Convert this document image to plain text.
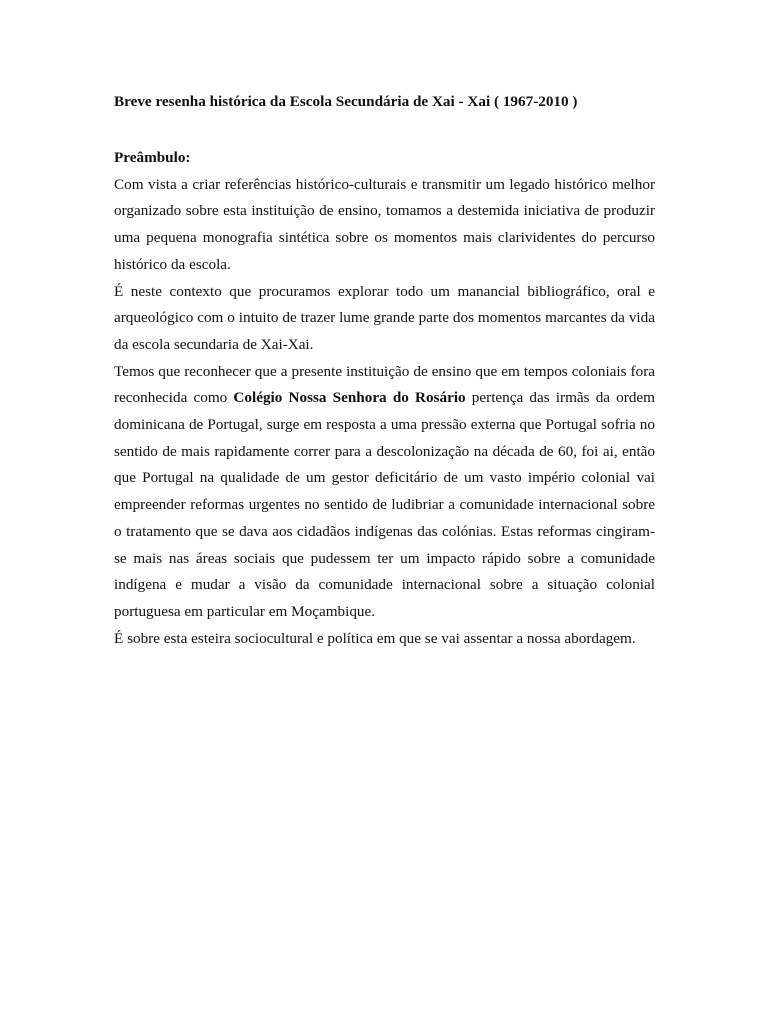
Breve resenha histórica da Escola Secundária de Xai - Xai ( 1967-2010 )

Preâmbulo:

Com vista a criar referências histórico-culturais e transmitir um legado histórico melhor organizado sobre esta instituição de ensino, tomamos a destemida iniciativa de produzir uma pequena monografia sintética sobre os momentos mais clarividentes do percurso histórico da escola.

É neste contexto que procuramos explorar todo um manancial bibliográfico, oral e arqueológico com o intuito de trazer lume grande parte dos momentos marcantes da vida da escola secundaria de Xai-Xai.

Temos que reconhecer que a presente instituição de ensino que em tempos coloniais fora reconhecida como Colégio Nossa Senhora do Rosário pertença das irmãs da ordem dominicana de Portugal, surge em resposta a uma pressão externa que Portugal sofria no sentido de mais rapidamente correr para a descolonização na década de 60, foi ai, então que Portugal na qualidade de um gestor deficitário de um vasto império colonial vai empreender reformas urgentes no sentido de ludibriar a comunidade internacional sobre o tratamento que se dava aos cidadãos indígenas das colónias. Estas reformas cingiram-se mais nas áreas sociais que pudessem ter um impacto rápido sobre a comunidade indígena e mudar a visão da comunidade internacional sobre a situação colonial portuguesa em particular em Moçambique.

É sobre esta esteira sociocultural e política em que se vai assentar a nossa abordagem.
